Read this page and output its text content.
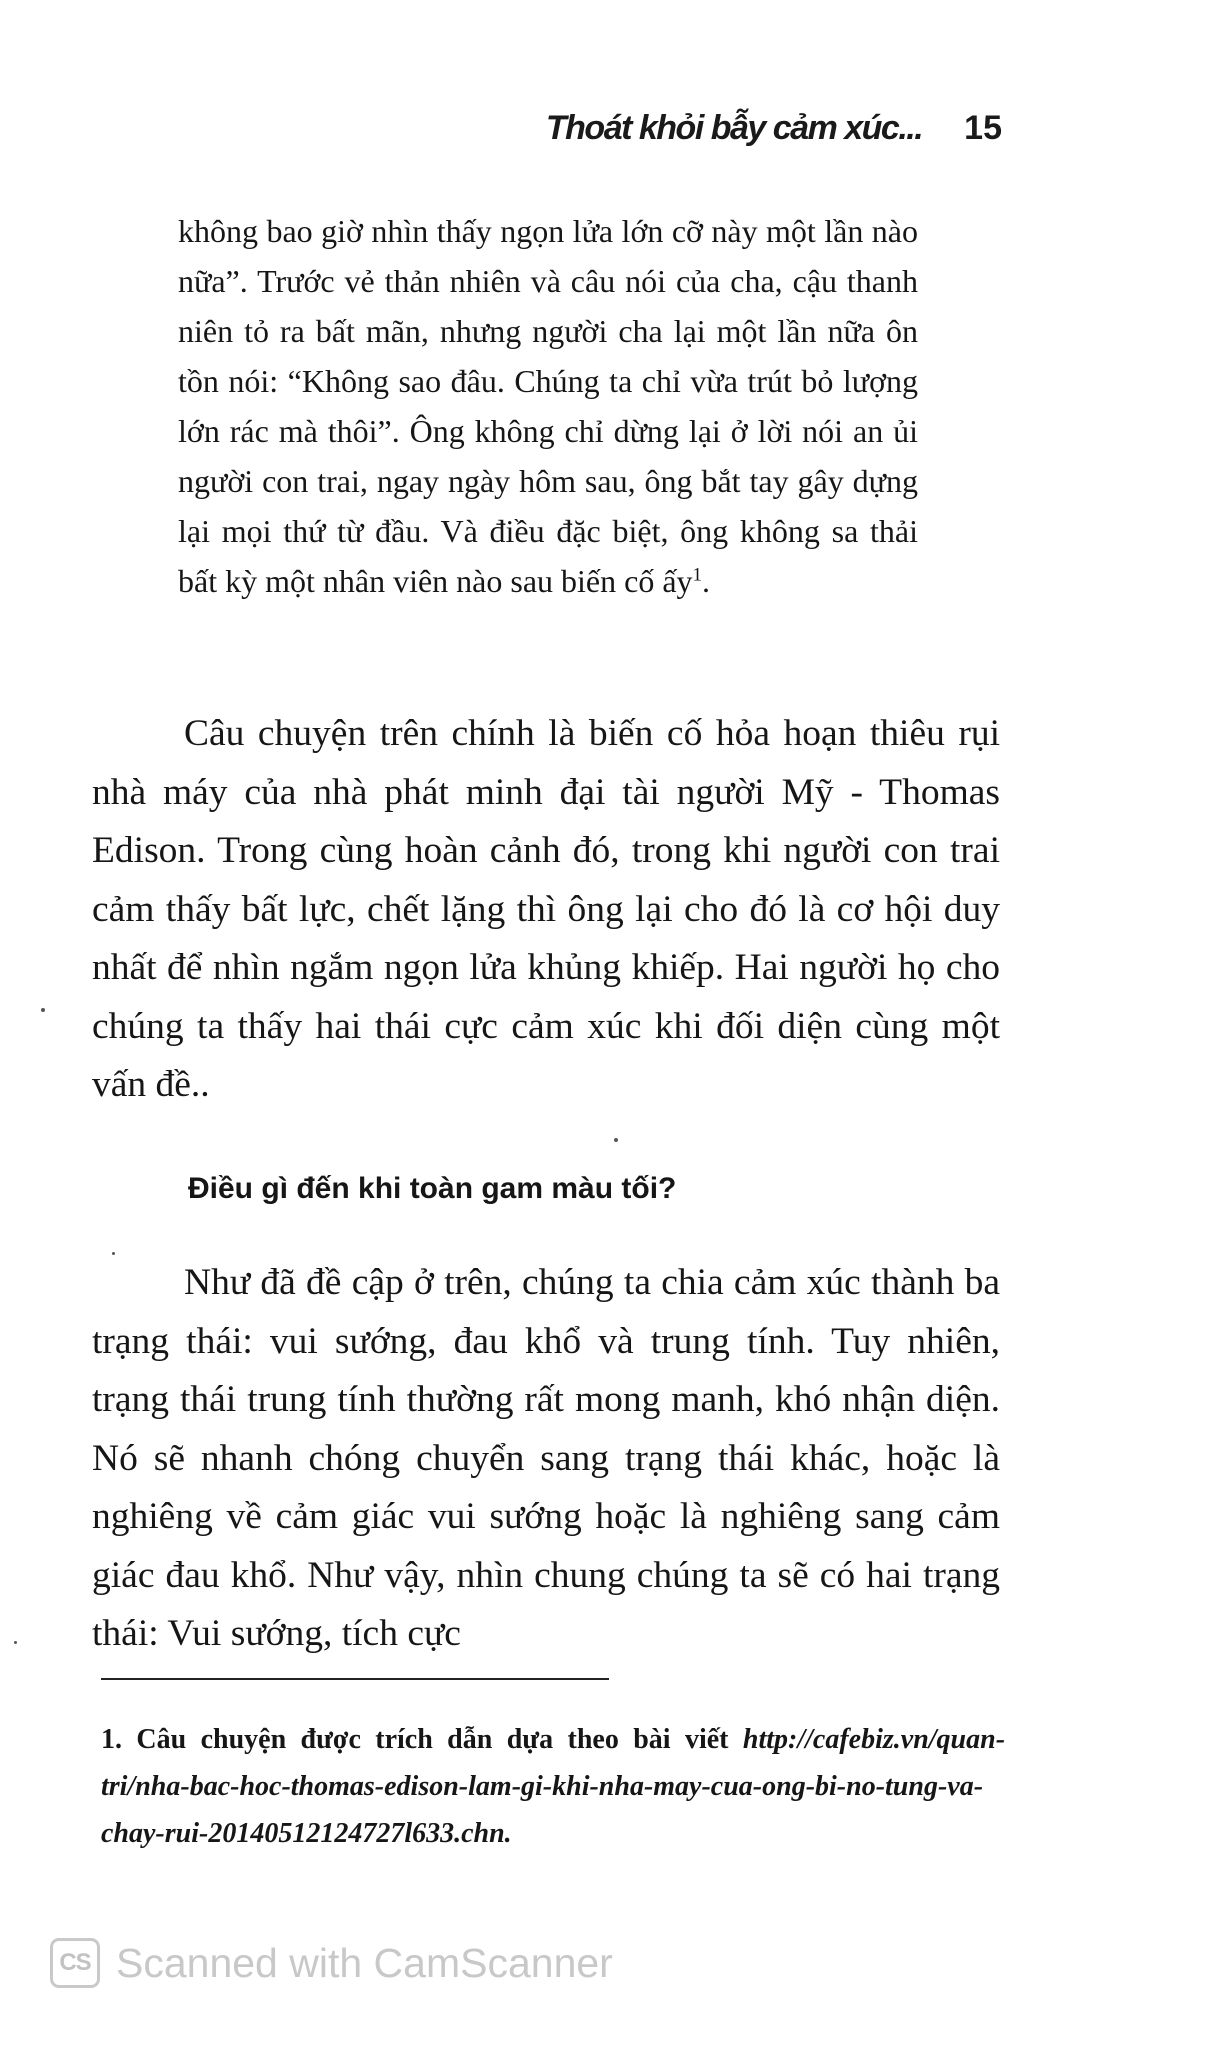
Thoát khỏi bẫy cảm xúc... 15

không bao giờ nhìn thấy ngọn lửa lớn cỡ này một lần nào nữa”. Trước vẻ thản nhiên và câu nói của cha, cậu thanh niên tỏ ra bất mãn, nhưng người cha lại một lần nữa ôn tồn nói: “Không sao đâu. Chúng ta chỉ vừa trút bỏ lượng lớn rác mà thôi”. Ông không chỉ dừng lại ở lời nói an ủi người con trai, ngay ngày hôm sau, ông bắt tay gây dựng lại mọi thứ từ đầu. Và điều đặc biệt, ông không sa thải bất kỳ một nhân viên nào sau biến cố ấy$^1$.

Câu chuyện trên chính là biến cố hỏa hoạn thiêu rụi nhà máy của nhà phát minh đại tài người Mỹ - Thomas Edison. Trong cùng hoàn cảnh đó, trong khi người con trai cảm thấy bất lực, chết lặng thì ông lại cho đó là cơ hội duy nhất để nhìn ngắm ngọn lửa khủng khiếp. Hai người họ cho chúng ta thấy hai thái cực cảm xúc khi đối diện cùng một vấn đề..

Điều gì đến khi toàn gam màu tối?

Như đã đề cập ở trên, chúng ta chia cảm xúc thành ba trạng thái: vui sướng, đau khổ và trung tính. Tuy nhiên, trạng thái trung tính thường rất mong manh, khó nhận diện. Nó sẽ nhanh chóng chuyển sang trạng thái khác, hoặc là nghiêng về cảm giác vui sướng hoặc là nghiêng sang cảm giác đau khổ. Như vậy, nhìn chung chúng ta sẽ có hai trạng thái: Vui sướng, tích cực

1. Câu chuyện được trích dẫn dựa theo bài viết http://cafebiz.vn/quan-tri/nha-bac-hoc-thomas-edison-lam-gi-khi-nha-may-cua-ong-bi-no-tung-va-chay-rui-20140512124727l633.chn.

CS Scanned with CamScanner
